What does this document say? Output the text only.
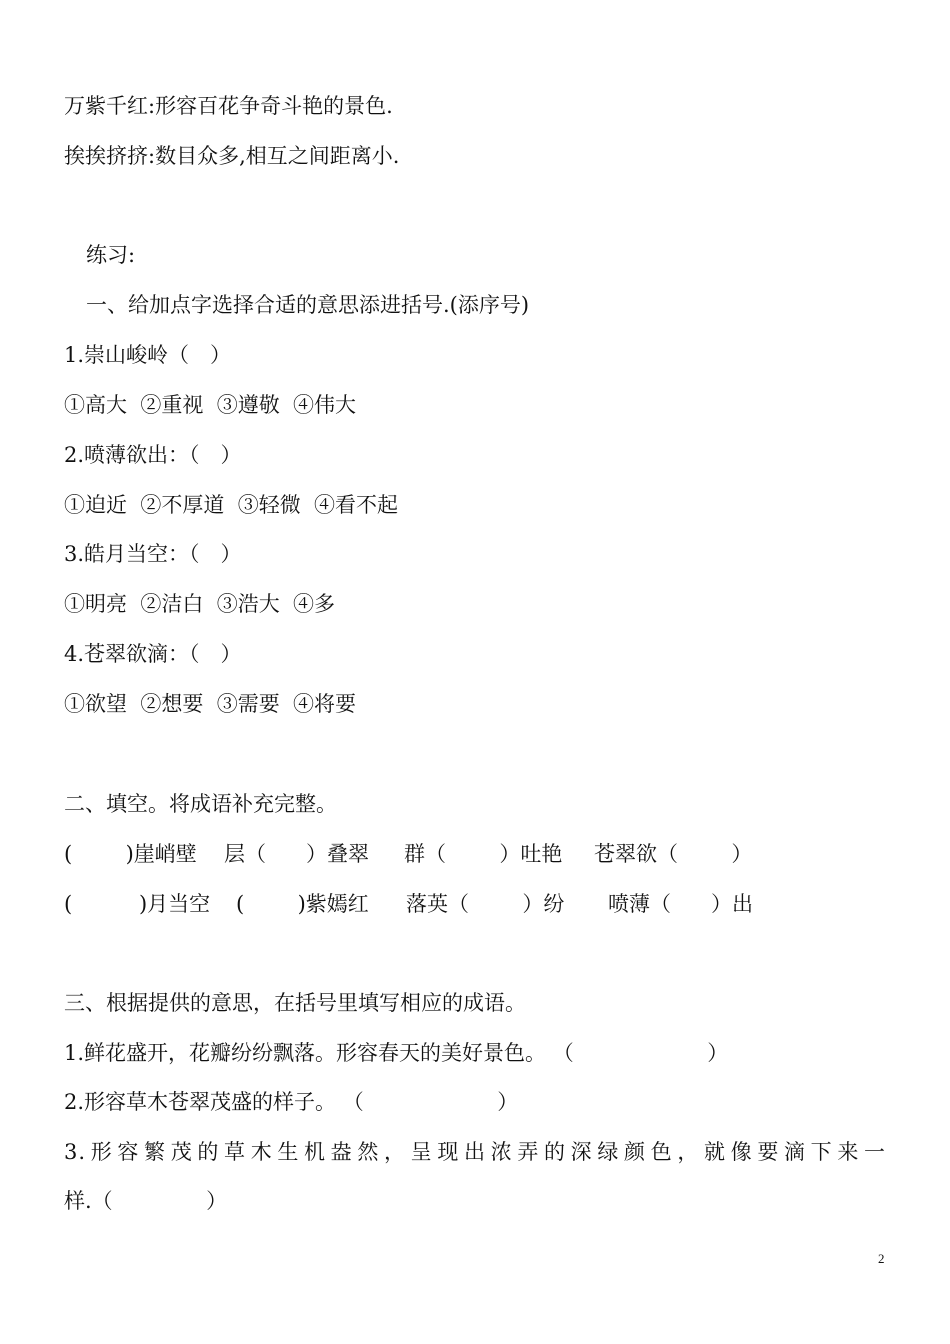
万紫千红:形容百花争奇斗艳的景色.
挨挨挤挤:数目众多,相互之间距离小.
练习:
一、给加点字选择合适的意思添进括号.(添序号)
1.崇山峻岭（　）
①高大  ②重视  ③遵敬  ④伟大
2.喷薄欲出：（　）
①迫近  ②不厚道  ③轻微  ④看不起
3.皓月当空：（　）
①明亮  ②洁白  ③浩大  ④多
4.苍翠欲滴：（　）
①欲望  ②想要  ③需要  ④将要
二、填空。将成语补充完整。
(        )崖峭壁 层（      ）叠翠 群（        ）吐艳 苍翠欲（        ）
(          )月当空 (        )紫嫣红 落英（        ）纷 喷薄（      ）出
三、根据提供的意思，在括号里填写相应的成语。
1.鲜花盛开，花瓣纷纷飘落。形容春天的美好景色。 （                    ）
2.形容草木苍翠茂盛的样子。 （                    ）
3.形容繁茂的草木生机盎然，呈现出浓弄的深绿颜色，就像要滴下来一
样.（              ）
2
